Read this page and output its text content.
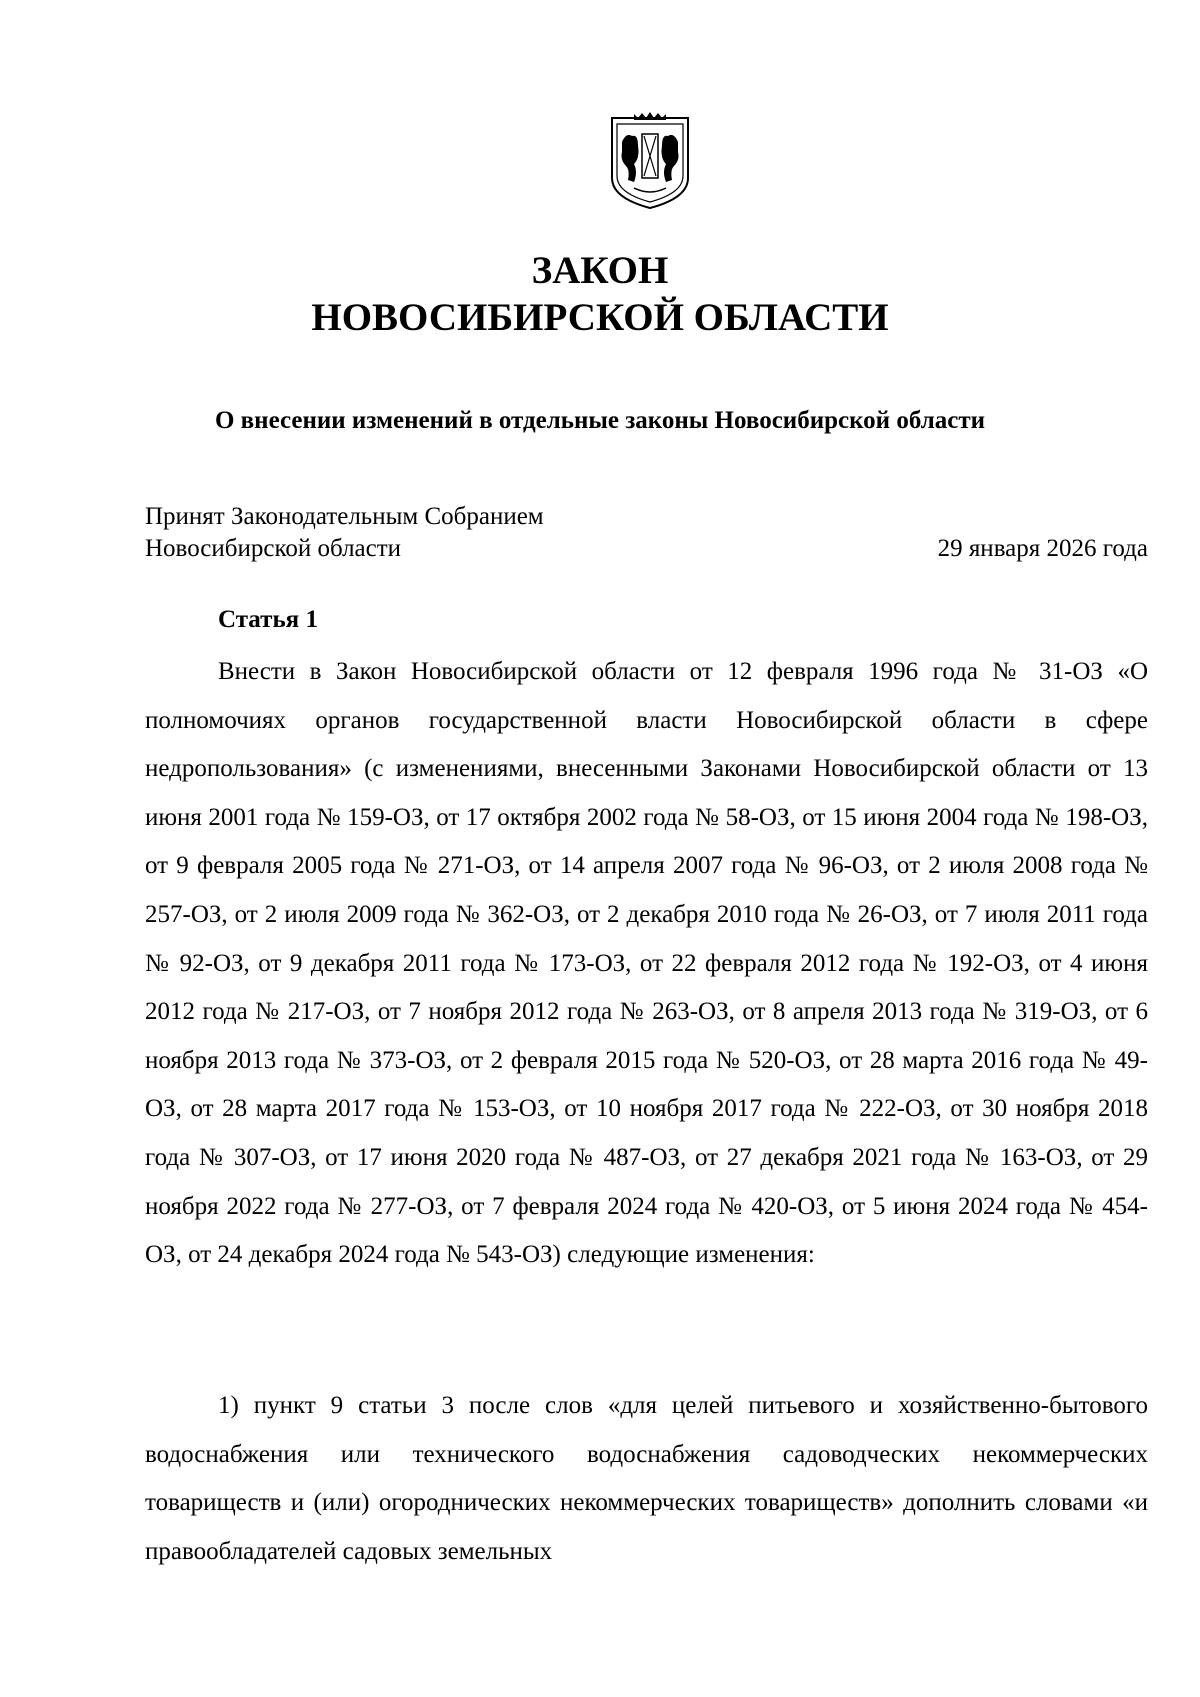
ЗАКОН
НОВОСИБИРСКОЙ ОБЛАСТИ
О внесении изменений в отдельные законы Новосибирской области
Принят Законодательным Собранием
Новосибирской области	29 января 2026 года
Статья 1

Внести в Закон Новосибирской области от 12 февраля 1996 года № 31-ОЗ «О полномочиях органов государственной власти Новосибирской области в сфере недропользования» (с изменениями, внесенными Законами Новосибирской области от 13 июня 2001 года № 159-ОЗ, от 17 октября 2002 года № 58-ОЗ, от 15 июня 2004 года № 198-ОЗ, от 9 февраля 2005 года № 271-ОЗ, от 14 апреля 2007 года № 96-ОЗ, от 2 июля 2008 года № 257-ОЗ, от 2 июля 2009 года № 362-ОЗ, от 2 декабря 2010 года № 26-ОЗ, от 7 июля 2011 года № 92-ОЗ, от 9 декабря 2011 года № 173-ОЗ, от 22 февраля 2012 года № 192-ОЗ, от 4 июня 2012 года № 217-ОЗ, от 7 ноября 2012 года № 263-ОЗ, от 8 апреля 2013 года № 319-ОЗ, от 6 ноября 2013 года № 373-ОЗ, от 2 февраля 2015 года № 520-ОЗ, от 28 марта 2016 года № 49-ОЗ, от 28 марта 2017 года № 153-ОЗ, от 10 ноября 2017 года № 222-ОЗ, от 30 ноября 2018 года № 307-ОЗ, от 17 июня 2020 года № 487-ОЗ, от 27 декабря 2021 года № 163-ОЗ, от 29 ноября 2022 года № 277-ОЗ, от 7 февраля 2024 года № 420-ОЗ, от 5 июня 2024 года № 454-ОЗ, от 24 декабря 2024 года № 543-ОЗ) следующие изменения:

1) пункт 9 статьи 3 после слов «для целей питьевого и хозяйственно-бытового водоснабжения или технического водоснабжения садоводческих некоммерческих товариществ и (или) огороднических некоммерческих товариществ» дополнить словами «и правообладателей садовых земельных
